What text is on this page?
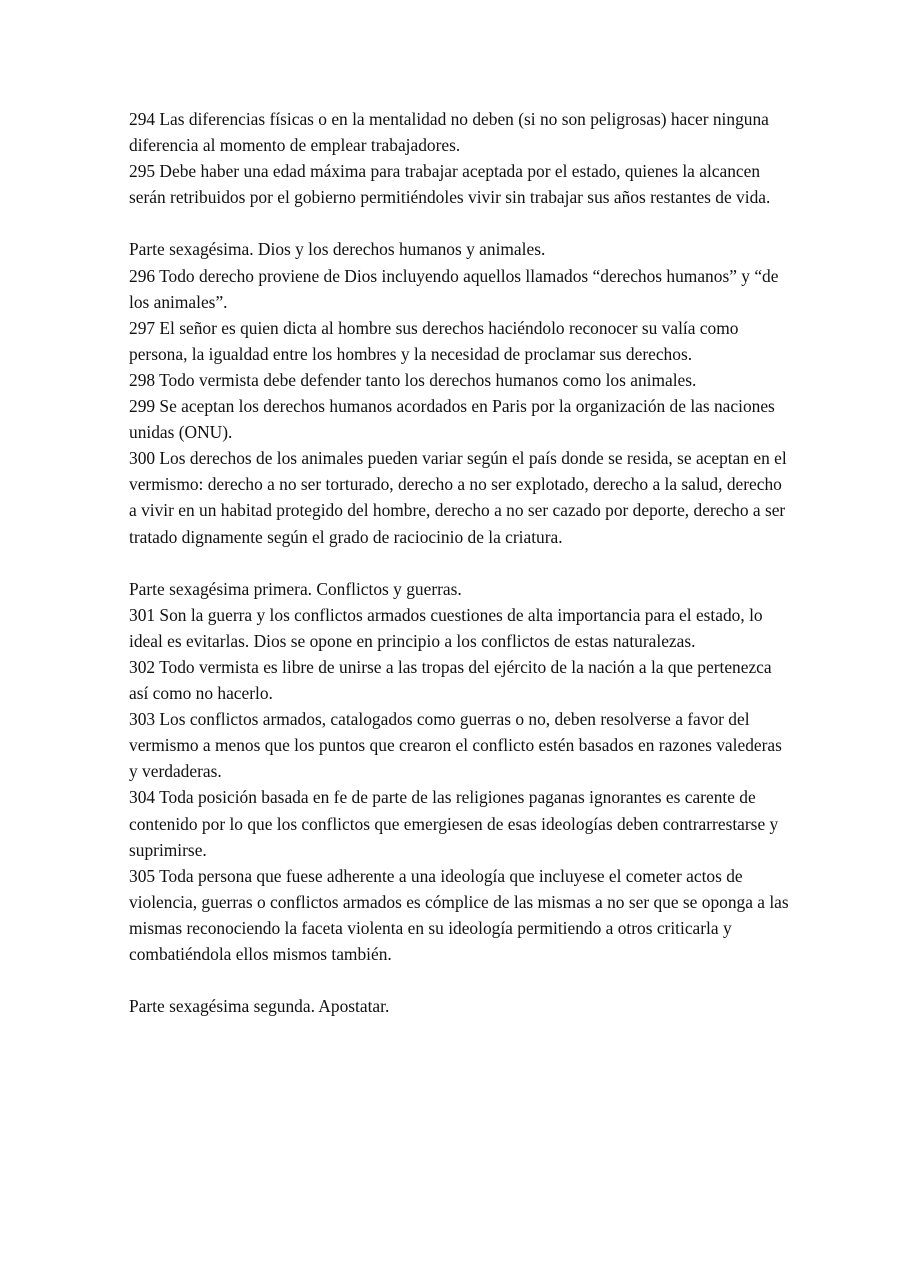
294 Las diferencias físicas o en la mentalidad no deben (si no son peligrosas) hacer ninguna diferencia al momento de emplear trabajadores.

295 Debe haber una edad máxima para trabajar aceptada por el estado, quienes la alcancen serán retribuidos por el gobierno permitiéndoles vivir sin trabajar sus años restantes de vida.

Parte sexagésima. Dios y los derechos humanos y animales.

296 Todo derecho proviene de Dios incluyendo aquellos llamados “derechos humanos” y “de los animales”.

297 El señor es quien dicta al hombre sus derechos haciéndolo reconocer su valía como persona, la igualdad entre los hombres y la necesidad de proclamar sus derechos.

298 Todo vermista debe defender tanto los derechos humanos como los animales.

299 Se aceptan los derechos humanos acordados en Paris por la organización de las naciones unidas (ONU).

300 Los derechos de los animales pueden variar según el país donde se resida, se aceptan en el vermismo: derecho a no ser torturado, derecho a no ser explotado, derecho a la salud, derecho a vivir en un habitad protegido del hombre, derecho a no ser cazado por deporte, derecho a ser tratado dignamente según el grado de raciocinio de la criatura.

Parte sexagésima primera. Conflictos y guerras.

301 Son la guerra y los conflictos armados cuestiones de alta importancia para el estado, lo ideal es evitarlas. Dios se opone en principio a los conflictos de estas naturalezas.

302 Todo vermista es libre de unirse a las tropas del ejército de la nación a la que pertenezca así como no hacerlo.

303 Los conflictos armados, catalogados como guerras o no, deben resolverse a favor del vermismo a menos que los puntos que crearon el conflicto estén basados en razones valederas y verdaderas.

304 Toda posición basada en fe de parte de las religiones paganas ignorantes es carente de contenido por lo que los conflictos que emergiesen de esas ideologías deben contrarrestarse y suprimirse.

305 Toda persona que fuese adherente a una ideología que incluyese el cometer actos de violencia, guerras o conflictos armados es cómplice de las mismas a no ser que se oponga a las mismas reconociendo la faceta violenta en su ideología permitiendo a otros criticarla y combatiéndola ellos mismos también.

Parte sexagésima segunda. Apostatar.
